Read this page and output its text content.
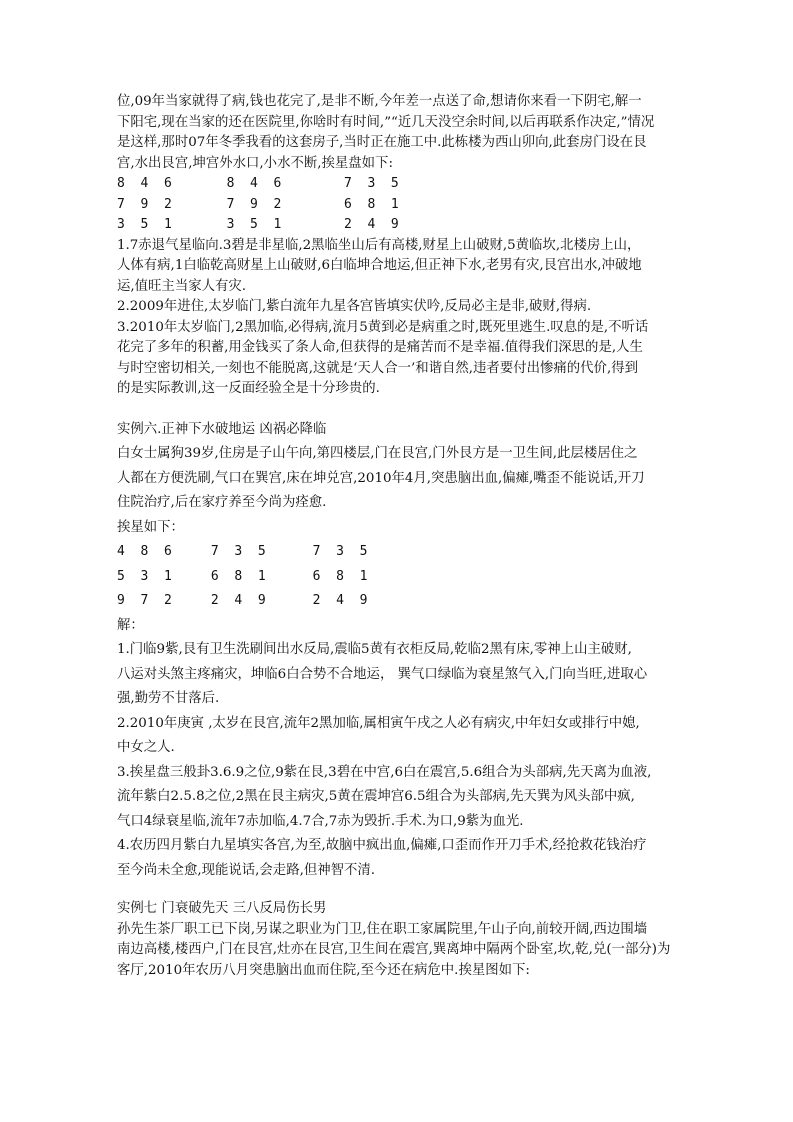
位,09年当家就得了病,钱也花完了,是非不断,今年差一点送了命,想请你来看一下阴宅,解一

下阳宅,现在当家的还在医院里,你啥时有时间,”“近几天没空余时间,以后再联系作决定,”情况

是这样,那时07年冬季我看的这套房子,当时正在施工中.此栋楼为西山卯向,此套房门设在艮

宫,水出艮宫,坤宫外水口,小水不断,挨星盘如下:

8  4  6       8  4  6        7  3  5

7  9  2       7  9  2        6  8  1

3  5  1       3  5  1        2  4  9

1.7赤退气星临向.3碧是非星临,2黑临坐山后有高楼,财星上山破财,5黄临坎,北楼房上山，

人体有病,1白临乾高财星上山破财,6白临坤合地运,但正神下水,老男有灾,艮宫出水,冲破地

运,值旺主当家人有灾.

2.2009年进住,太岁临门,紫白流年九星各宫皆填实伏吟,反局必主是非,破财,得病.

3.2010年太岁临门,2黑加临,必得病,流月5黄到必是病重之时,既死里逃生.叹息的是,不听话

花完了多年的积蓄,用金钱买了条人命,但获得的是痛苦而不是幸福.值得我们深思的是,人生

与时空密切相关,一刻也不能脱离,这就是‘天人合一’和谐自然,违者要付出惨痛的代价,得到

的是实际教训,这一反面经验全是十分珍贵的.

实例六.正神下水破地运 凶祸必降临

白女士属狗39岁,住房是子山午向,第四楼层,门在艮宫,门外艮方是一卫生间,此层楼居住之

人都在方便洗刷,气口在巽宫,床在坤兑宫,2010年4月,突患脑出血,偏瘫,嘴歪不能说话,开刀

住院治疗,后在家疗养至今尚为痊愈.

挨星如下：

4  8  6     7  3  5      7  3  5

5  3  1     6  8  1      6  8  1

9  7  2     2  4  9      2  4  9

解：

1.门临9紫,艮有卫生洗刷间出水反局,震临5黄有衣柜反局,乾临2黑有床,零神上山主破财,

八运对头煞主疼痛灾，坤临6白合势不合地运， 巽气口绿临为衰星煞气入,门向当旺,进取心

强,勤劳不甘落后.

2.2010年庚寅 ,太岁在艮宫,流年2黑加临,属相寅午戌之人必有病灾,中年妇女或排行中媳,

中女之人.

3.挨星盘三般卦3.6.9之位,9紫在艮,3碧在中宫,6白在震宫,5.6组合为头部病,先天离为血液,

流年紫白2.5.8之位,2黑在艮主病灾,5黄在震坤宫6.5组合为头部病,先天巽为风头部中疯,

气口4绿衰星临,流年7赤加临,4.7合,7赤为毁折.手术.为口,9紫为血光.

4.农历四月紫白九星填实各宫,为至,故脑中疯出血,偏瘫,口歪而作开刀手术,经抢救花钱治疗

至今尚未全愈,现能说话,会走路,但神智不清.

实例七 门衰破先天 三八反局伤长男

孙先生茶厂职工已下岗,另谋之职业为门卫,住在职工家属院里,午山子向,前较开阔,西边围墙

南边高楼,楼西户,门在艮宫,灶亦在艮宫,卫生间在震宫,巽离坤中隔两个卧室,坎,乾,兑(一部分)为

客厅,2010年农历八月突患脑出血而住院,至今还在病危中.挨星图如下:
